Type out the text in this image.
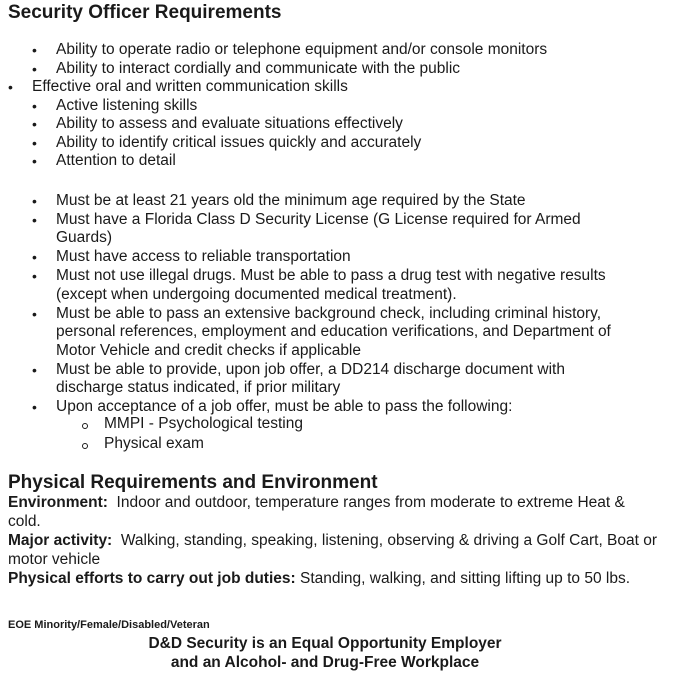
Security Officer Requirements
• Ability to operate radio or telephone equipment and/or console monitors

• Ability to interact cordially and communicate with the public

• Effective oral and written communication skills

• Active listening skills

• Ability to assess and evaluate situations effectively

• Ability to identify critical issues quickly and accurately

• Attention to detail

• Must be at least 21 years old the minimum age required by the State

• Must have a Florida Class D Security License (G License required for Armed

Guards)

• Must have access to reliable transportation

• Must not use illegal drugs. Must be able to pass a drug test with negative results

(except when undergoing documented medical treatment).

• Must be able to pass an extensive background check, including criminal history,

personal references, employment and education verifications, and Department of

Motor Vehicle and credit checks if applicable

• Must be able to provide, upon job offer, a DD214 discharge document with

discharge status indicated, if prior military

• Upon acceptance of a job offer, must be able to pass the following:

MMPI - Psychological testing

Physical exam

Physical Requirements and Environment

Environment: Indoor and outdoor, temperature ranges from moderate to extreme Heat & cold.

Major activity: Walking, standing, speaking, listening, observing & driving a Golf Cart, Boat or motor vehicle

Physical efforts to carry out job duties: Standing, walking, and sitting lifting up to 50 lbs.

EOE Minority/Female/Disabled/Veteran

D&D Security is an Equal Opportunity Employer

and an Alcohol- and Drug-Free Workplace
